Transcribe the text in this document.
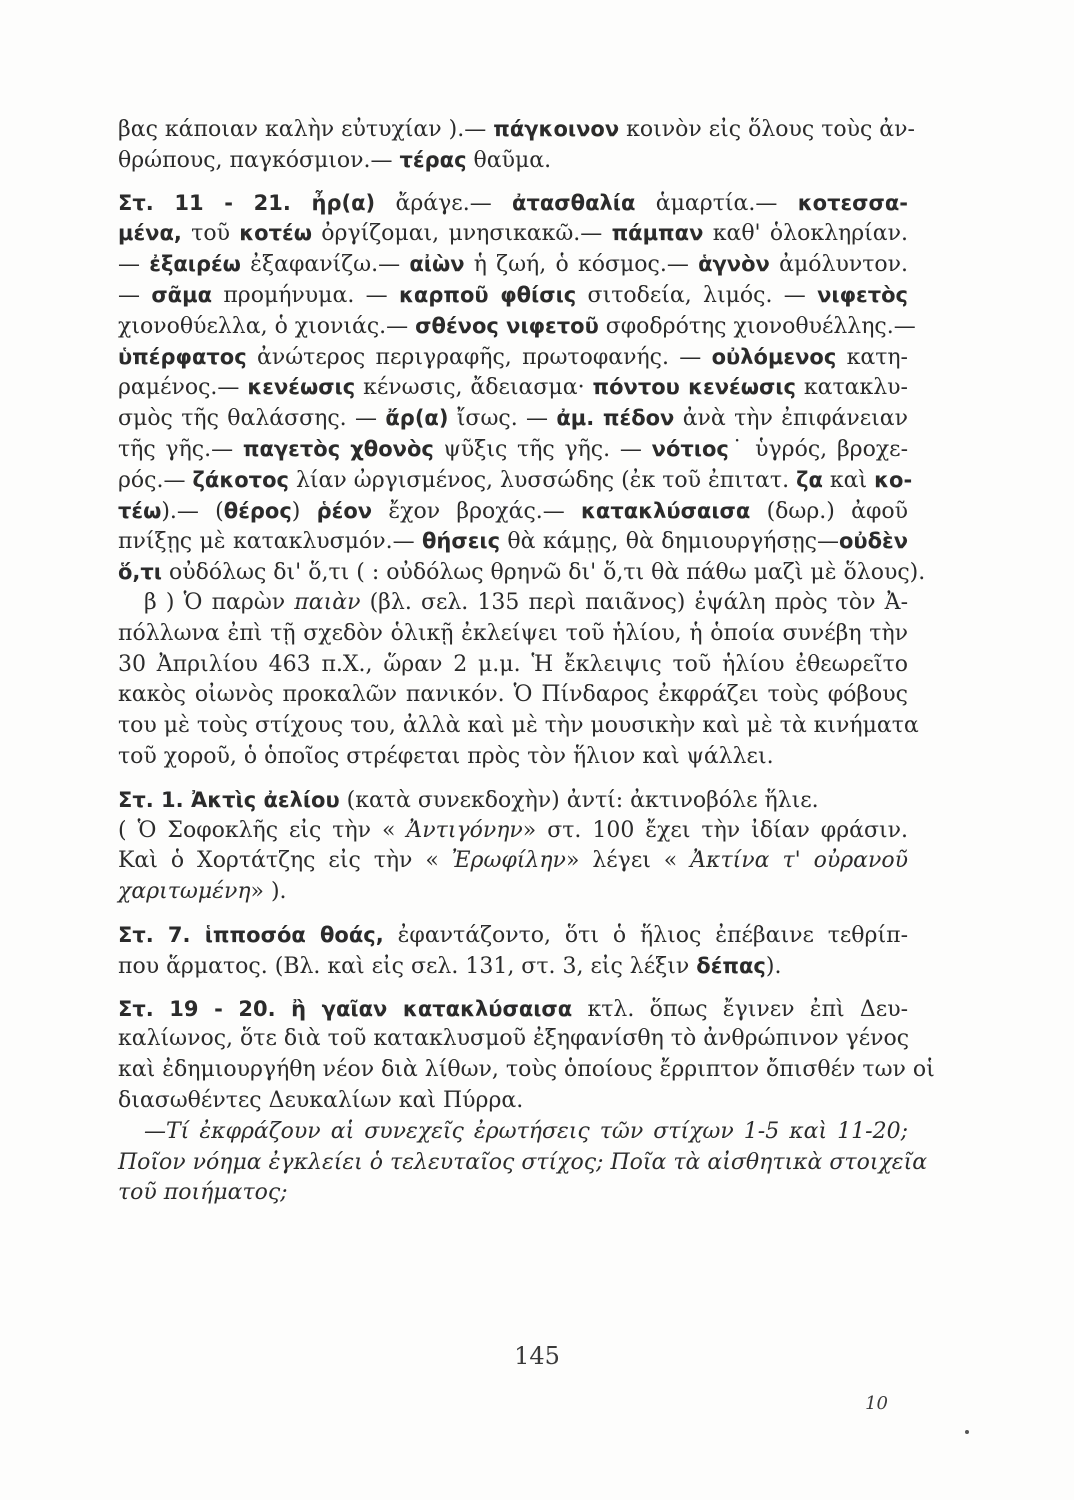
βας κάποιαν καλὴν εὐτυχίαν ).— πάγκοινον κοινὸν εἰς ὅλους τοὺς ἀν-
θρώπους, παγκόσμιον.— τέρας θαῦμα.
Στ. 11 - 21. ἦρ(α) ἄράγε.— ἀτασθαλία ἁμαρτία.— κοτεσσα-
μένα, τοῦ κοτέω ὀργίζομαι, μνησικακῶ.— πάμπαν καθ' ὁλοκληρίαν.
— ἐξαιρέω ἐξαφανίζω.— αἰὼν ἡ ζωή, ὁ κόσμος.— ἁγνὸν ἀμόλυντον.
— σᾶμα προμήνυμα. — καρποῦ φθίσις σιτοδεία, λιμός. — νιφετὸς
χιονοθύελλα, ὁ χιονιάς.— σθένος νιφετοῦ σφοδρότης χιονοθυέλλης.—
ὑπέρφατος ἀνώτερος περιγραφῆς, πρωτοφανής. — οὐλόμενος κατη-
ραμένος.— κενέωσις κένωσις, ἄδειασμα· πόντου κενέωσις κατακλυ-
σμὸς τῆς θαλάσσης. — ἄρ(α) ἴσως. — ἀμ. πέδον ἀνὰ τὴν ἐπιφάνειαν
τῆς γῆς.— παγετὸς χθονὸς ψῦξις τῆς γῆς. — νότιος˙ ὑγρός, βροχε-
ρός.— ζάκοτος λίαν ὠργισμένος, λυσσώδης (ἐκ τοῦ ἐπιτατ. ζα καὶ κο-
τέω).— (θέρος) ῥέον ἔχον βροχάς.— κατακλύσαισα (δωρ.) ἀφοῦ
πνίξῃς μὲ κατακλυσμόν.— θήσεις θὰ κάμῃς, θὰ δημιουργήσῃς—οὐδὲν
ὅ,τι οὐδόλως δι' ὅ,τι ( : οὐδόλως θρηνῶ δι' ὅ,τι θὰ πάθω μαζὶ μὲ ὅλους).
β ) Ὁ παρὼν παιὰν (βλ. σελ. 135 περὶ παιᾶνος) ἐψάλη πρὸς τὸν Ἀ-
πόλλωνα ἐπὶ τῇ σχεδὸν ὁλικῇ ἐκλείψει τοῦ ἡλίου, ἡ ὁποία συνέβη τὴν
30 Ἀπριλίου 463 π.Χ., ὥραν 2 μ.μ. Ἡ ἔκλειψις τοῦ ἡλίου ἐθεωρεῖτο
κακὸς οἰωνὸς προκαλῶν πανικόν. Ὁ Πίνδαρος ἐκφράζει τοὺς φόβους
του μὲ τοὺς στίχους του, ἀλλὰ καὶ μὲ τὴν μουσικὴν καὶ μὲ τὰ κινήματα
τοῦ χοροῦ, ὁ ὁποῖος στρέφεται πρὸς τὸν ἥλιον καὶ ψάλλει.
Στ. 1. Ἀκτὶς ἀελίου (κατὰ συνεκδοχὴν) ἀντί: ἀκτινοβόλε ἥλιε.
( Ὁ Σοφοκλῆς εἰς τὴν « Ἀντιγόνην» στ. 100 ἔχει τὴν ἰδίαν φράσιν.
Καὶ ὁ Χορτάτζης εἰς τὴν « Ἐρωφίλην» λέγει « Ἀκτίνα τ' οὐρανοῦ
χαριτωμένη» ).
Στ. 7. ἱπποσόα θοάς, ἐφαντάζοντο, ὅτι ὁ ἥλιος ἐπέβαινε τεθρίπ-
που ἅρματος. (Βλ. καὶ εἰς σελ. 131, στ. 3, εἰς λέξιν δέπας).
Στ. 19 - 20. ἢ γαῖαν κατακλύσαισα κτλ. ὅπως ἔγινεν ἐπὶ Δευ-
καλίωνος, ὅτε διὰ τοῦ κατακλυσμοῦ ἐξηφανίσθη τὸ ἀνθρώπινον γένος
καὶ ἐδημιουργήθη νέον διὰ λίθων, τοὺς ὁποίους ἔρριπτον ὄπισθέν των οἱ
διασωθέντες Δευκαλίων καὶ Πύρρα.
—Τί ἐκφράζουν αἱ συνεχεῖς ἐρωτήσεις τῶν στίχων 1-5 καὶ 11-20;
Ποῖον νόημα ἐγκλείει ὁ τελευταῖος στίχος; Ποῖα τὰ αἰσθητικὰ στοιχεῖα
τοῦ ποιήματος;
145
10
